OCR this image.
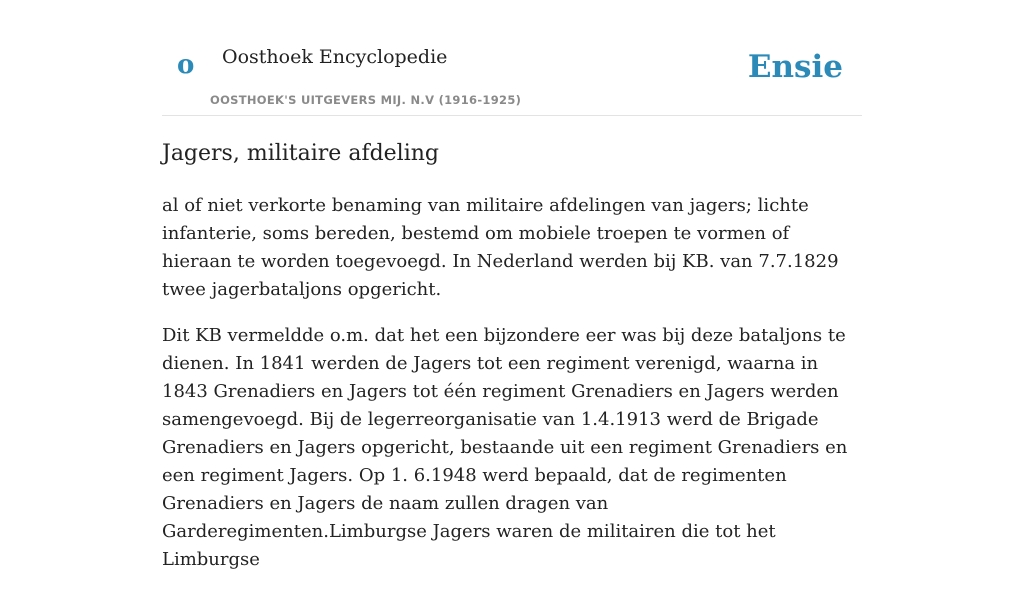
o Oosthoek Encyclopedie
OOSTHOEK'S UITGEVERS MIJ. N.V (1916-1925)
Ensie
Jagers, militaire afdeling

al of niet verkorte benaming van militaire afdelingen van jagers; lichte infanterie, soms bereden, bestemd om mobiele troepen te vormen of hieraan te worden toegevoegd. In Nederland werden bij KB. van 7.7.1829 twee jagerbataljons opgericht.

Dit KB vermeldde o.m. dat het een bijzondere eer was bij deze bataljons te dienen. In 1841 werden de Jagers tot een regiment verenigd, waarna in 1843 Grenadiers en Jagers tot één regiment Grenadiers en Jagers werden samengevoegd. Bij de legerreorganisatie van 1.4.1913 werd de Brigade Grenadiers en Jagers opgericht, bestaande uit een regiment Grenadiers en een regiment Jagers. Op 1. 6.1948 werd bepaald, dat de regimenten Grenadiers en Jagers de naam zullen dragen van Garderegimenten.Limburgse Jagers waren de militairen die tot het Limburgse
